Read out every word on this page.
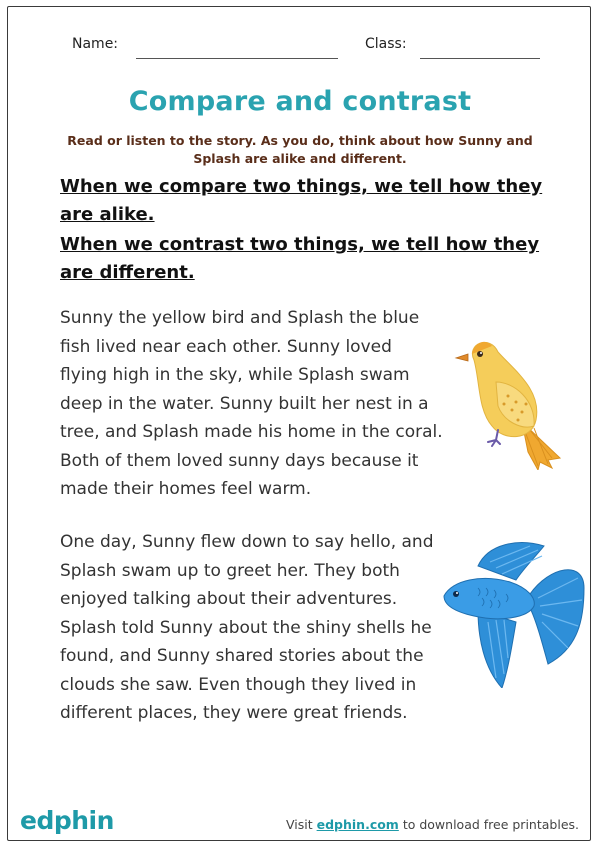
Name:	Class:
Compare and contrast
Read or listen to the story. As you do, think about how Sunny and Splash are alike and different.
When we compare two things, we tell how they are alike.
When we contrast two things, we tell how they are different.
Sunny the yellow bird and Splash the blue
fish lived near each other. Sunny loved
flying high in the sky, while Splash swam
deep in the water. Sunny built her nest in a
tree, and Splash made his home in the coral.
Both of them loved sunny days because it
made their homes feel warm.
One day, Sunny flew down to say hello, and
Splash swam up to greet her. They both
enjoyed talking about their adventures.
Splash told Sunny about the shiny shells he
found, and Sunny shared stories about the
clouds she saw. Even though they lived in
different places, they were great friends.
edphin	Visit edphin.com to download free printables.
